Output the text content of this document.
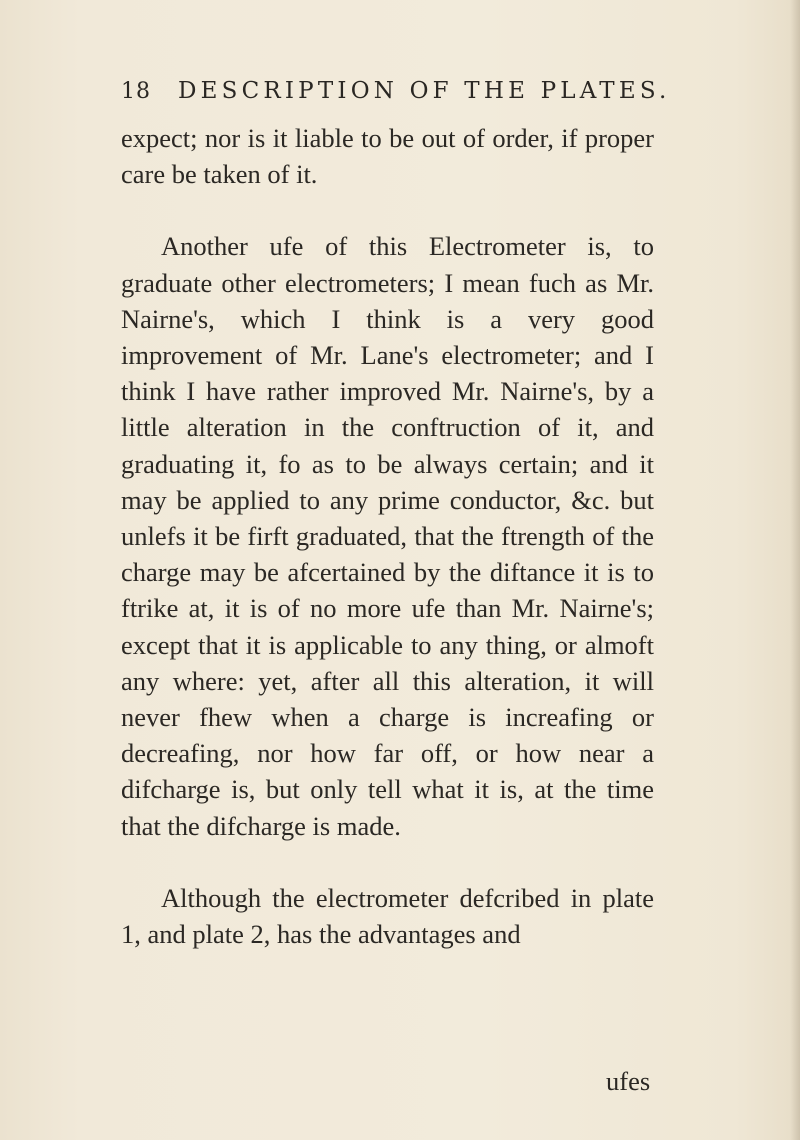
18 DESCRIPTION OF THE PLATES.

expect; nor is it liable to be out of order, if proper care be taken of it.

Another ufe of this Electrometer is, to graduate other electrometers; I mean fuch as Mr. Nairne's, which I think is a very good improvement of Mr. Lane's electrometer; and I think I have rather improved Mr. Nairne's, by a little alteration in the conftruction of it, and graduating it, fo as to be always certain; and it may be applied to any prime conductor, &c. but unlefs it be firft graduated, that the ftrength of the charge may be afcertained by the diftance it is to ftrike at, it is of no more ufe than Mr. Nairne's; except that it is applicable to any thing, or almoft any where: yet, after all this alteration, it will never fhew when a charge is increafing or decreafing, nor how far off, or how near a difcharge is, but only tell what it is, at the time that the difcharge is made.

Although the electrometer defcribed in plate 1, and plate 2, has the advantages and

ufes
